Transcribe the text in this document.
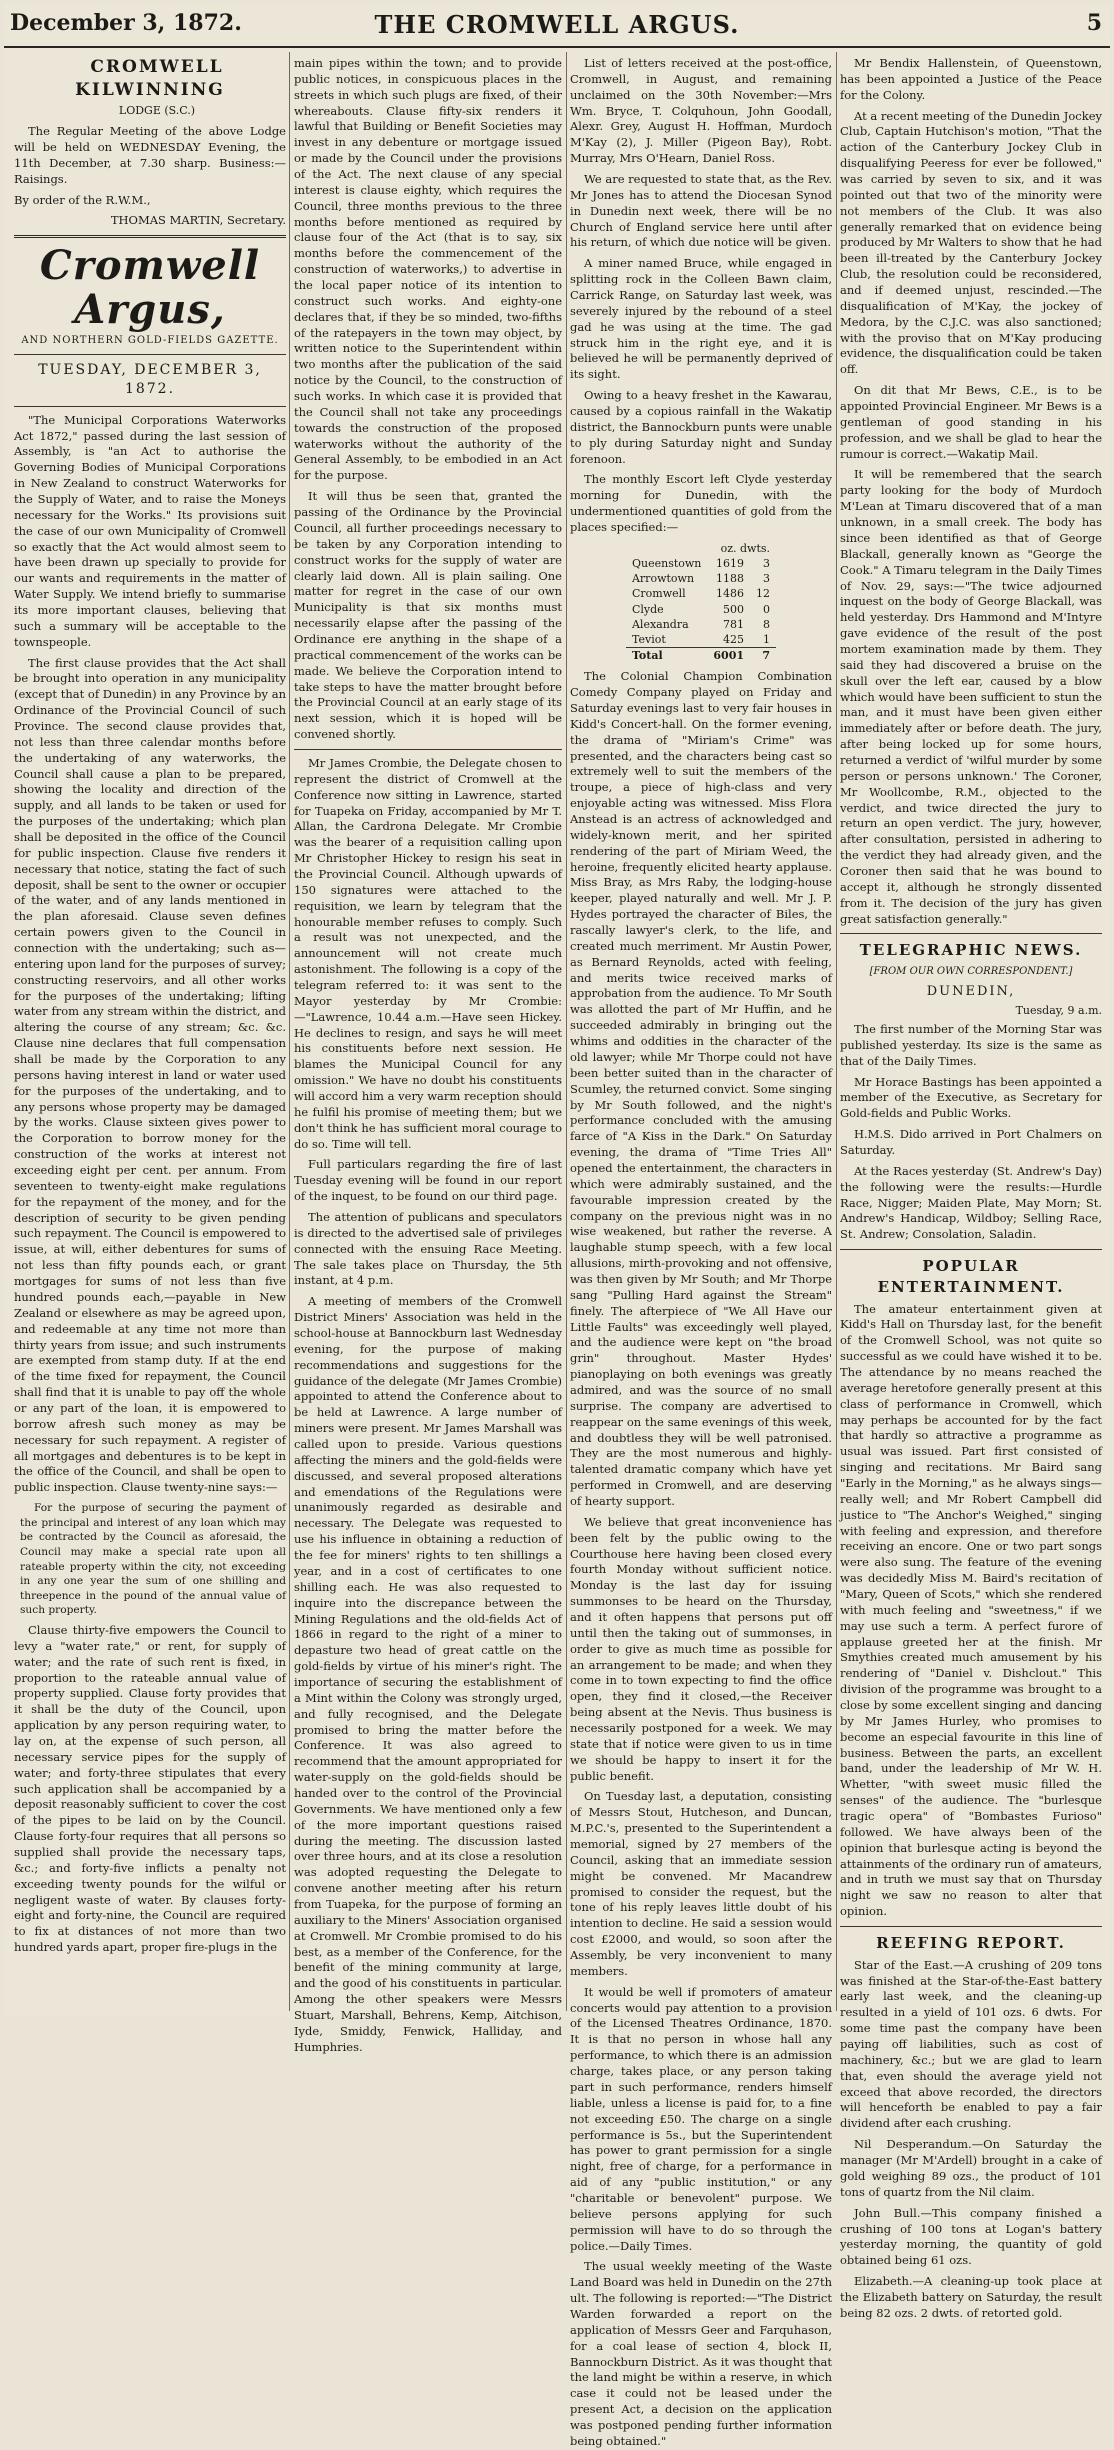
December 3, 1872.	THE CROMWELL ARGUS.	5

CROMWELL KILWINNING

LODGE (S.C.)

The Regular Meeting of the above Lodge will be held on WEDNESDAY Evening, the 11th December, at 7.30 sharp. Business:— Raisings.

By order of the R.W.M.,

THOMAS MARTIN, Secretary.

Cromwell Argus,
AND NORTHERN GOLD-FIELDS GAZETTE.
TUESDAY, DECEMBER 3, 1872.

"The Municipal Corporations Waterworks Act 1872," passed during the last session of Assembly, is "an Act to authorise the Governing Bodies of Municipal Corporations in New Zealand to construct Waterworks for the Supply of Water, and to raise the Moneys necessary for the Works." Its provisions suit the case of our own Municipality of Cromwell so exactly that the Act would almost seem to have been drawn up specially to provide for our wants and requirements in the matter of Water Supply. We intend briefly to summarise its more important clauses, believing that such a summary will be acceptable to the townspeople.

The first clause provides that the Act shall be brought into operation in any municipality (except that of Dunedin) in any Province by an Ordinance of the Provincial Council of such Province. The second clause provides that, not less than three calendar months before the undertaking of any waterworks, the Council shall cause a plan to be prepared, showing the locality and direction of the supply, and all lands to be taken or used for the purposes of the undertaking; which plan shall be deposited in the office of the Council for public inspection. Clause five renders it necessary that notice, stating the fact of such deposit, shall be sent to the owner or occupier of the water, and of any lands mentioned in the plan aforesaid. Clause seven defines certain powers given to the Council in connection with the undertaking; such as—entering upon land for the purposes of survey; constructing reservoirs, and all other works for the purposes of the undertaking; lifting water from any stream within the district, and altering the course of any stream; &c. &c. Clause nine declares that full compensation shall be made by the Corporation to any persons having interest in land or water used for the purposes of the undertaking, and to any persons whose property may be damaged by the works. Clause sixteen gives power to the Corporation to borrow money for the construction of the works at interest not exceeding eight per cent. per annum. From seventeen to twenty-eight make regulations for the repayment of the money, and for the description of security to be given pending such repayment. The Council is empowered to issue, at will, either debentures for sums of not less than fifty pounds each, or grant mortgages for sums of not less than five hundred pounds each,—payable in New Zealand or elsewhere as may be agreed upon, and redeemable at any time not more than thirty years from issue; and such instruments are exempted from stamp duty. If at the end of the time fixed for repayment, the Council shall find that it is unable to pay off the whole or any part of the loan, it is empowered to borrow afresh such money as may be necessary for such repayment. A register of all mortgages and debentures is to be kept in the office of the Council, and shall be open to public inspection. Clause twenty-nine says:—

For the purpose of securing the payment of the principal and interest of any loan which may be contracted by the Council as aforesaid, the Council may make a special rate upon all rateable property within the city, not exceeding in any one year the sum of one shilling and threepence in the pound of the annual value of such property.

Clause thirty-five empowers the Council to levy a "water rate," or rent, for supply of water; and the rate of such rent is fixed, in proportion to the rateable annual value of property supplied. Clause forty provides that it shall be the duty of the Council, upon application by any person requiring water, to lay on, at the expense of such person, all necessary service pipes for the supply of water; and forty-three stipulates that every such application shall be accompanied by a deposit reasonably sufficient to cover the cost of the pipes to be laid on by the Council. Clause forty-four requires that all persons so supplied shall provide the necessary taps, &c.; and forty-five inflicts a penalty not exceeding twenty pounds for the wilful or negligent waste of water. By clauses forty-eight and forty-nine, the Council are required to fix at distances of not more than two hundred yards apart, proper fire-plugs in the

main pipes within the town; and to provide public notices, in conspicuous places in the streets in which such plugs are fixed, of their whereabouts. Clause fifty-six renders it lawful that Building or Benefit Societies may invest in any debenture or mortgage issued or made by the Council under the provisions of the Act. The next clause of any special interest is clause eighty, which requires the Council, three months previous to the three months before mentioned as required by clause four of the Act (that is to say, six months before the commencement of the construction of waterworks,) to advertise in the local paper notice of its intention to construct such works. And eighty-one declares that, if they be so minded, two-fifths of the ratepayers in the town may object, by written notice to the Superintendent within two months after the publication of the said notice by the Council, to the construction of such works. In which case it is provided that the Council shall not take any proceedings towards the construction of the proposed waterworks without the authority of the General Assembly, to be embodied in an Act for the purpose.

It will thus be seen that, granted the passing of the Ordinance by the Provincial Council, all further proceedings necessary to be taken by any Corporation intending to construct works for the supply of water are clearly laid down. All is plain sailing. One matter for regret in the case of our own Municipality is that six months must necessarily elapse after the passing of the Ordinance ere anything in the shape of a practical commencement of the works can be made. We believe the Corporation intend to take steps to have the matter brought before the Provincial Council at an early stage of its next session, which it is hoped will be convened shortly.

Mr James Crombie, the Delegate chosen to represent the district of Cromwell at the Conference now sitting in Lawrence, started for Tuapeka on Friday, accompanied by Mr T. Allan, the Cardrona Delegate. Mr Crombie was the bearer of a requisition calling upon Mr Christopher Hickey to resign his seat in the Provincial Council. Although upwards of 150 signatures were attached to the requisition, we learn by telegram that the honourable member refuses to comply. Such a result was not unexpected, and the announcement will not create much astonishment. The following is a copy of the telegram referred to: it was sent to the Mayor yesterday by Mr Crombie:—"Lawrence, 10.44 a.m.—Have seen Hickey. He declines to resign, and says he will meet his constituents before next session. He blames the Municipal Council for any omission." We have no doubt his constituents will accord him a very warm reception should he fulfil his promise of meeting them; but we don't think he has sufficient moral courage to do so. Time will tell.

Full particulars regarding the fire of last Tuesday evening will be found in our report of the inquest, to be found on our third page.

The attention of publicans and speculators is directed to the advertised sale of privileges connected with the ensuing Race Meeting. The sale takes place on Thursday, the 5th instant, at 4 p.m.

A meeting of members of the Cromwell District Miners' Association was held in the school-house at Bannockburn last Wednesday evening, for the purpose of making recommendations and suggestions for the guidance of the delegate (Mr James Crombie) appointed to attend the Conference about to be held at Lawrence. A large number of miners were present. Mr James Marshall was called upon to preside. Various questions affecting the miners and the gold-fields were discussed, and several proposed alterations and emendations of the Regulations were unanimously regarded as desirable and necessary. The Delegate was requested to use his influence in obtaining a reduction of the fee for miners' rights to ten shillings a year, and in a cost of certificates to one shilling each. He was also requested to inquire into the discrepance between the Mining Regulations and the old-fields Act of 1866 in regard to the right of a miner to depasture two head of great cattle on the gold-fields by virtue of his miner's right. The importance of securing the establishment of a Mint within the Colony was strongly urged, and fully recognised, and the Delegate promised to bring the matter before the Conference. It was also agreed to recommend that the amount appropriated for water-supply on the gold-fields should be handed over to the control of the Provincial Governments. We have mentioned only a few of the more important questions raised during the meeting. The discussion lasted over three hours, and at its close a resolution was adopted requesting the Delegate to convene another meeting after his return from Tuapeka, for the purpose of forming an auxiliary to the Miners' Association organised at Cromwell. Mr Crombie promised to do his best, as a member of the Conference, for the benefit of the mining community at large, and the good of his constituents in particular. Among the other speakers were Messrs Stuart, Marshall, Behrens, Kemp, Aitchison, Iyde, Smiddy, Fenwick, Halliday, and Humphries.

List of letters received at the post-office, Cromwell, in August, and remaining unclaimed on the 30th November:—Mrs Wm. Bryce, T. Colquhoun, John Goodall, Alexr. Grey, August H. Hoffman, Murdoch M'Kay (2), J. Miller (Pigeon Bay), Robt. Murray, Mrs O'Hearn, Daniel Ross.

We are requested to state that, as the Rev. Mr Jones has to attend the Diocesan Synod in Dunedin next week, there will be no Church of England service here until after his return, of which due notice will be given.

A miner named Bruce, while engaged in splitting rock in the Colleen Bawn claim, Carrick Range, on Saturday last week, was severely injured by the rebound of a steel gad he was using at the time. The gad struck him in the right eye, and it is believed he will be permanently deprived of its sight.

Owing to a heavy freshet in the Kawarau, caused by a copious rainfall in the Wakatip district, the Bannockburn punts were unable to ply during Saturday night and Sunday forenoon.

The monthly Escort left Clyde yesterday morning for Dunedin, with the undermentioned quantities of gold from the places specified:—

	oz. dwts.	
Queenstown	1619	3
Arrowtown	1188	3
Cromwell	1486	12
Clyde	500	0
Alexandra	781	8
Teviot	425	1
Total	6001	7

The Colonial Champion Combination Comedy Company played on Friday and Saturday evenings last to very fair houses in Kidd's Concert-hall. On the former evening, the drama of "Miriam's Crime" was presented, and the characters being cast so extremely well to suit the members of the troupe, a piece of high-class and very enjoyable acting was witnessed. Miss Flora Anstead is an actress of acknowledged and widely-known merit, and her spirited rendering of the part of Miriam Weed, the heroine, frequently elicited hearty applause. Miss Bray, as Mrs Raby, the lodging-house keeper, played naturally and well. Mr J. P. Hydes portrayed the character of Biles, the rascally lawyer's clerk, to the life, and created much merriment. Mr Austin Power, as Bernard Reynolds, acted with feeling, and merits twice received marks of approbation from the audience. To Mr South was allotted the part of Mr Huffin, and he succeeded admirably in bringing out the whims and oddities in the character of the old lawyer; while Mr Thorpe could not have been better suited than in the character of Scumley, the returned convict. Some singing by Mr South followed, and the night's performance concluded with the amusing farce of "A Kiss in the Dark." On Saturday evening, the drama of "Time Tries All" opened the entertainment, the characters in which were admirably sustained, and the favourable impression created by the company on the previous night was in no wise weakened, but rather the reverse. A laughable stump speech, with a few local allusions, mirth-provoking and not offensive, was then given by Mr South; and Mr Thorpe sang "Pulling Hard against the Stream" finely. The afterpiece of "We All Have our Little Faults" was exceedingly well played, and the audience were kept on "the broad grin" throughout. Master Hydes' pianoplaying on both evenings was greatly admired, and was the source of no small surprise. The company are advertised to reappear on the same evenings of this week, and doubtless they will be well patronised. They are the most numerous and highly-talented dramatic company which have yet performed in Cromwell, and are deserving of hearty support.

We believe that great inconvenience has been felt by the public owing to the Courthouse here having been closed every fourth Monday without sufficient notice. Monday is the last day for issuing summonses to be heard on the Thursday, and it often happens that persons put off until then the taking out of summonses, in order to give as much time as possible for an arrangement to be made; and when they come in to town expecting to find the office open, they find it closed,—the Receiver being absent at the Nevis. Thus business is necessarily postponed for a week. We may state that if notice were given to us in time we should be happy to insert it for the public benefit.

On Tuesday last, a deputation, consisting of Messrs Stout, Hutcheson, and Duncan, M.P.C.'s, presented to the Superintendent a memorial, signed by 27 members of the Council, asking that an immediate session might be convened. Mr Macandrew promised to consider the request, but the tone of his reply leaves little doubt of his intention to decline. He said a session would cost £2000, and would, so soon after the Assembly, be very inconvenient to many members.

It would be well if promoters of amateur concerts would pay attention to a provision of the Licensed Theatres Ordinance, 1870. It is that no person in whose hall any performance, to which there is an admission charge, takes place, or any person taking part in such performance, renders himself liable, unless a license is paid for, to a fine not exceeding £50. The charge on a single performance is 5s., but the Superintendent has power to grant permission for a single night, free of charge, for a performance in aid of any "public institution," or any "charitable or benevolent" purpose. We believe persons applying for such permission will have to do so through the police.—Daily Times.

The usual weekly meeting of the Waste Land Board was held in Dunedin on the 27th ult. The following is reported:—"The District Warden forwarded a report on the application of Messrs Geer and Farquhason, for a coal lease of section 4, block II, Bannockburn District. As it was thought that the land might be within a reserve, in which case it could not be leased under the present Act, a decision on the application was postponed pending further information being obtained."

Mr Bendix Hallenstein, of Queenstown, has been appointed a Justice of the Peace for the Colony.

At a recent meeting of the Dunedin Jockey Club, Captain Hutchison's motion, "That the action of the Canterbury Jockey Club in disqualifying Peeress for ever be followed," was carried by seven to six, and it was pointed out that two of the minority were not members of the Club. It was also generally remarked that on evidence being produced by Mr Walters to show that he had been ill-treated by the Canterbury Jockey Club, the resolution could be reconsidered, and if deemed unjust, rescinded.—The disqualification of M'Kay, the jockey of Medora, by the C.J.C. was also sanctioned; with the proviso that on M'Kay producing evidence, the disqualification could be taken off.

On dit that Mr Bews, C.E., is to be appointed Provincial Engineer. Mr Bews is a gentleman of good standing in his profession, and we shall be glad to hear the rumour is correct.—Wakatip Mail.

It will be remembered that the search party looking for the body of Murdoch M'Lean at Timaru discovered that of a man unknown, in a small creek. The body has since been identified as that of George Blackall, generally known as "George the Cook." A Timaru telegram in the Daily Times of Nov. 29, says:—"The twice adjourned inquest on the body of George Blackall, was held yesterday. Drs Hammond and M'Intyre gave evidence of the result of the post mortem examination made by them. They said they had discovered a bruise on the skull over the left ear, caused by a blow which would have been sufficient to stun the man, and it must have been given either immediately after or before death. The jury, after being locked up for some hours, returned a verdict of 'wilful murder by some person or persons unknown.' The Coroner, Mr Woollcombe, R.M., objected to the verdict, and twice directed the jury to return an open verdict. The jury, however, after consultation, persisted in adhering to the verdict they had already given, and the Coroner then said that he was bound to accept it, although he strongly dissented from it. The decision of the jury has given great satisfaction generally."

TELEGRAPHIC NEWS.
[FROM OUR OWN CORRESPONDENT.]
DUNEDIN,
Tuesday, 9 a.m.

The first number of the Morning Star was published yesterday. Its size is the same as that of the Daily Times.

Mr Horace Bastings has been appointed a member of the Executive, as Secretary for Gold-fields and Public Works.

H.M.S. Dido arrived in Port Chalmers on Saturday.

At the Races yesterday (St. Andrew's Day) the following were the results:—Hurdle Race, Nigger; Maiden Plate, May Morn; St. Andrew's Handicap, Wildboy; Selling Race, St. Andrew; Consolation, Saladin.

POPULAR ENTERTAINMENT.

The amateur entertainment given at Kidd's Hall on Thursday last, for the benefit of the Cromwell School, was not quite so successful as we could have wished it to be. The attendance by no means reached the average heretofore generally present at this class of performance in Cromwell, which may perhaps be accounted for by the fact that hardly so attractive a programme as usual was issued. Part first consisted of singing and recitations. Mr Baird sang "Early in the Morning," as he always sings—really well; and Mr Robert Campbell did justice to "The Anchor's Weighed," singing with feeling and expression, and therefore receiving an encore. One or two part songs were also sung. The feature of the evening was decidedly Miss M. Baird's recitation of "Mary, Queen of Scots," which she rendered with much feeling and "sweetness," if we may use such a term. A perfect furore of applause greeted her at the finish. Mr Smythies created much amusement by his rendering of "Daniel v. Dishclout." This division of the programme was brought to a close by some excellent singing and dancing by Mr James Hurley, who promises to become an especial favourite in this line of business. Between the parts, an excellent band, under the leadership of Mr W. H. Whetter, "with sweet music filled the senses" of the audience. The "burlesque tragic opera" of "Bombastes Furioso" followed. We have always been of the opinion that burlesque acting is beyond the attainments of the ordinary run of amateurs, and in truth we must say that on Thursday night we saw no reason to alter that opinion.

REEFING REPORT.

Star of the East.—A crushing of 209 tons was finished at the Star-of-the-East battery early last week, and the cleaning-up resulted in a yield of 101 ozs. 6 dwts. For some time past the company have been paying off liabilities, such as cost of machinery, &c.; but we are glad to learn that, even should the average yield not exceed that above recorded, the directors will henceforth be enabled to pay a fair dividend after each crushing.

Nil Desperandum.—On Saturday the manager (Mr M'Ardell) brought in a cake of gold weighing 89 ozs., the product of 101 tons of quartz from the Nil claim.

John Bull.—This company finished a crushing of 100 tons at Logan's battery yesterday morning, the quantity of gold obtained being 61 ozs.

Elizabeth.—A cleaning-up took place at the Elizabeth battery on Saturday, the result being 82 ozs. 2 dwts. of retorted gold.
